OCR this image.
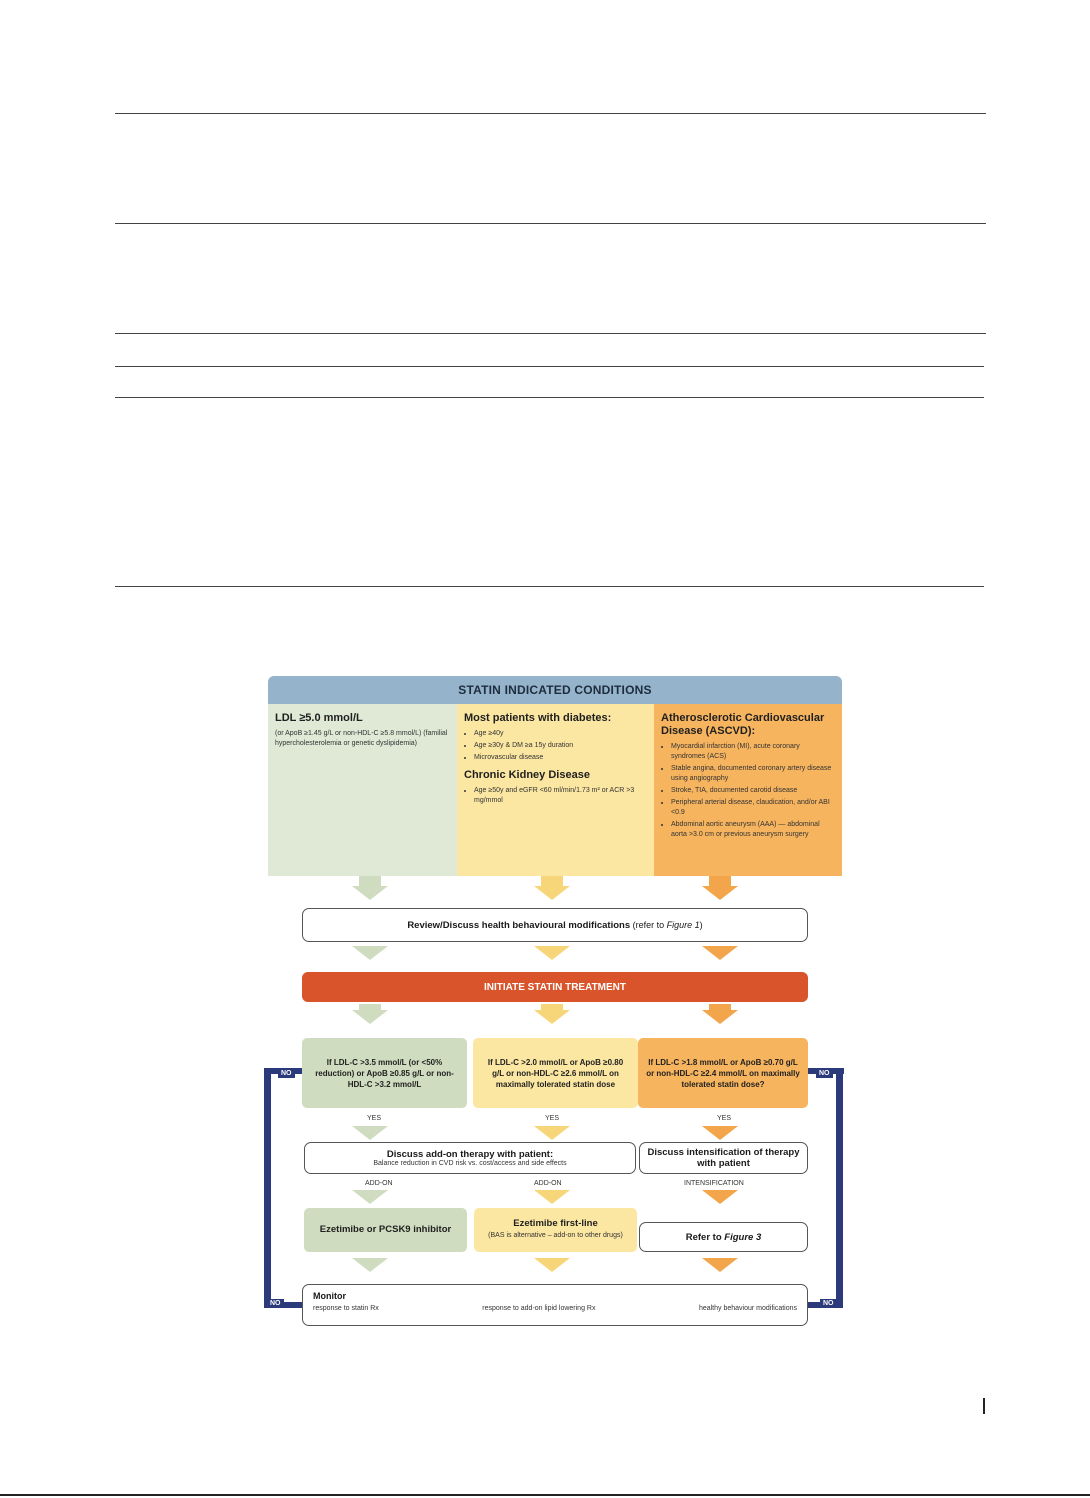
STATIN INDICATED CONDITIONS
LDL ≥5.0 mmol/L
(or ApoB ≥1.45 g/L or non-HDL-C ≥5.8 mmol/L) (familial hypercholesterolemia or genetic dyslipidemia)
Most patients with diabetes:
• Age ≥40y
• Age ≥30y & DM ≥a 15y duration
• Microvascular disease
Chronic Kidney Disease
• Age ≥50y and eGFR <60 ml/min/1.73 m² or ACR >3 mg/mmol
Atherosclerotic Cardiovascular Disease (ASCVD):
• Myocardial infarction (MI), acute coronary syndromes (ACS)
• Stable angina, documented coronary artery disease using angiography
• Stroke, TIA, documented carotid disease
• Peripheral arterial disease, claudication, and/or ABI <0.9
• Abdominal aortic aneurysm (AAA) — abdominal aorta >3.0 cm or previous aneurysm surgery
Review/Discuss health behavioural modifications (refer to Figure 1)
INITIATE STATIN TREATMENT
If LDL-C >3.5 mmol/L (or <50% reduction) or ApoB ≥0.85 g/L or non-HDL-C >3.2 mmol/L
If LDL-C >2.0 mmol/L or ApoB ≥0.80 g/L or non-HDL-C ≥2.6 mmol/L on maximally tolerated statin dose
If LDL-C >1.8 mmol/L or ApoB ≥0.70 g/L or non-HDL-C ≥2.4 mmol/L on maximally tolerated statin dose?
YES	YES	YES
Discuss add-on therapy with patient:
Balance reduction in CVD risk vs. cost/access and side effects
Discuss intensification of therapy with patient
ADD-ON	ADD-ON	INTENSIFICATION
Ezetimibe or PCSK9 inhibitor
Ezetimibe first-line
(BAS is alternative – add-on to other drugs)	Refer to Figure 3
Monitor
response to statin Rx	response to add-on lipid lowering Rx	healthy behaviour modifications
NO
NO
NO
NO
